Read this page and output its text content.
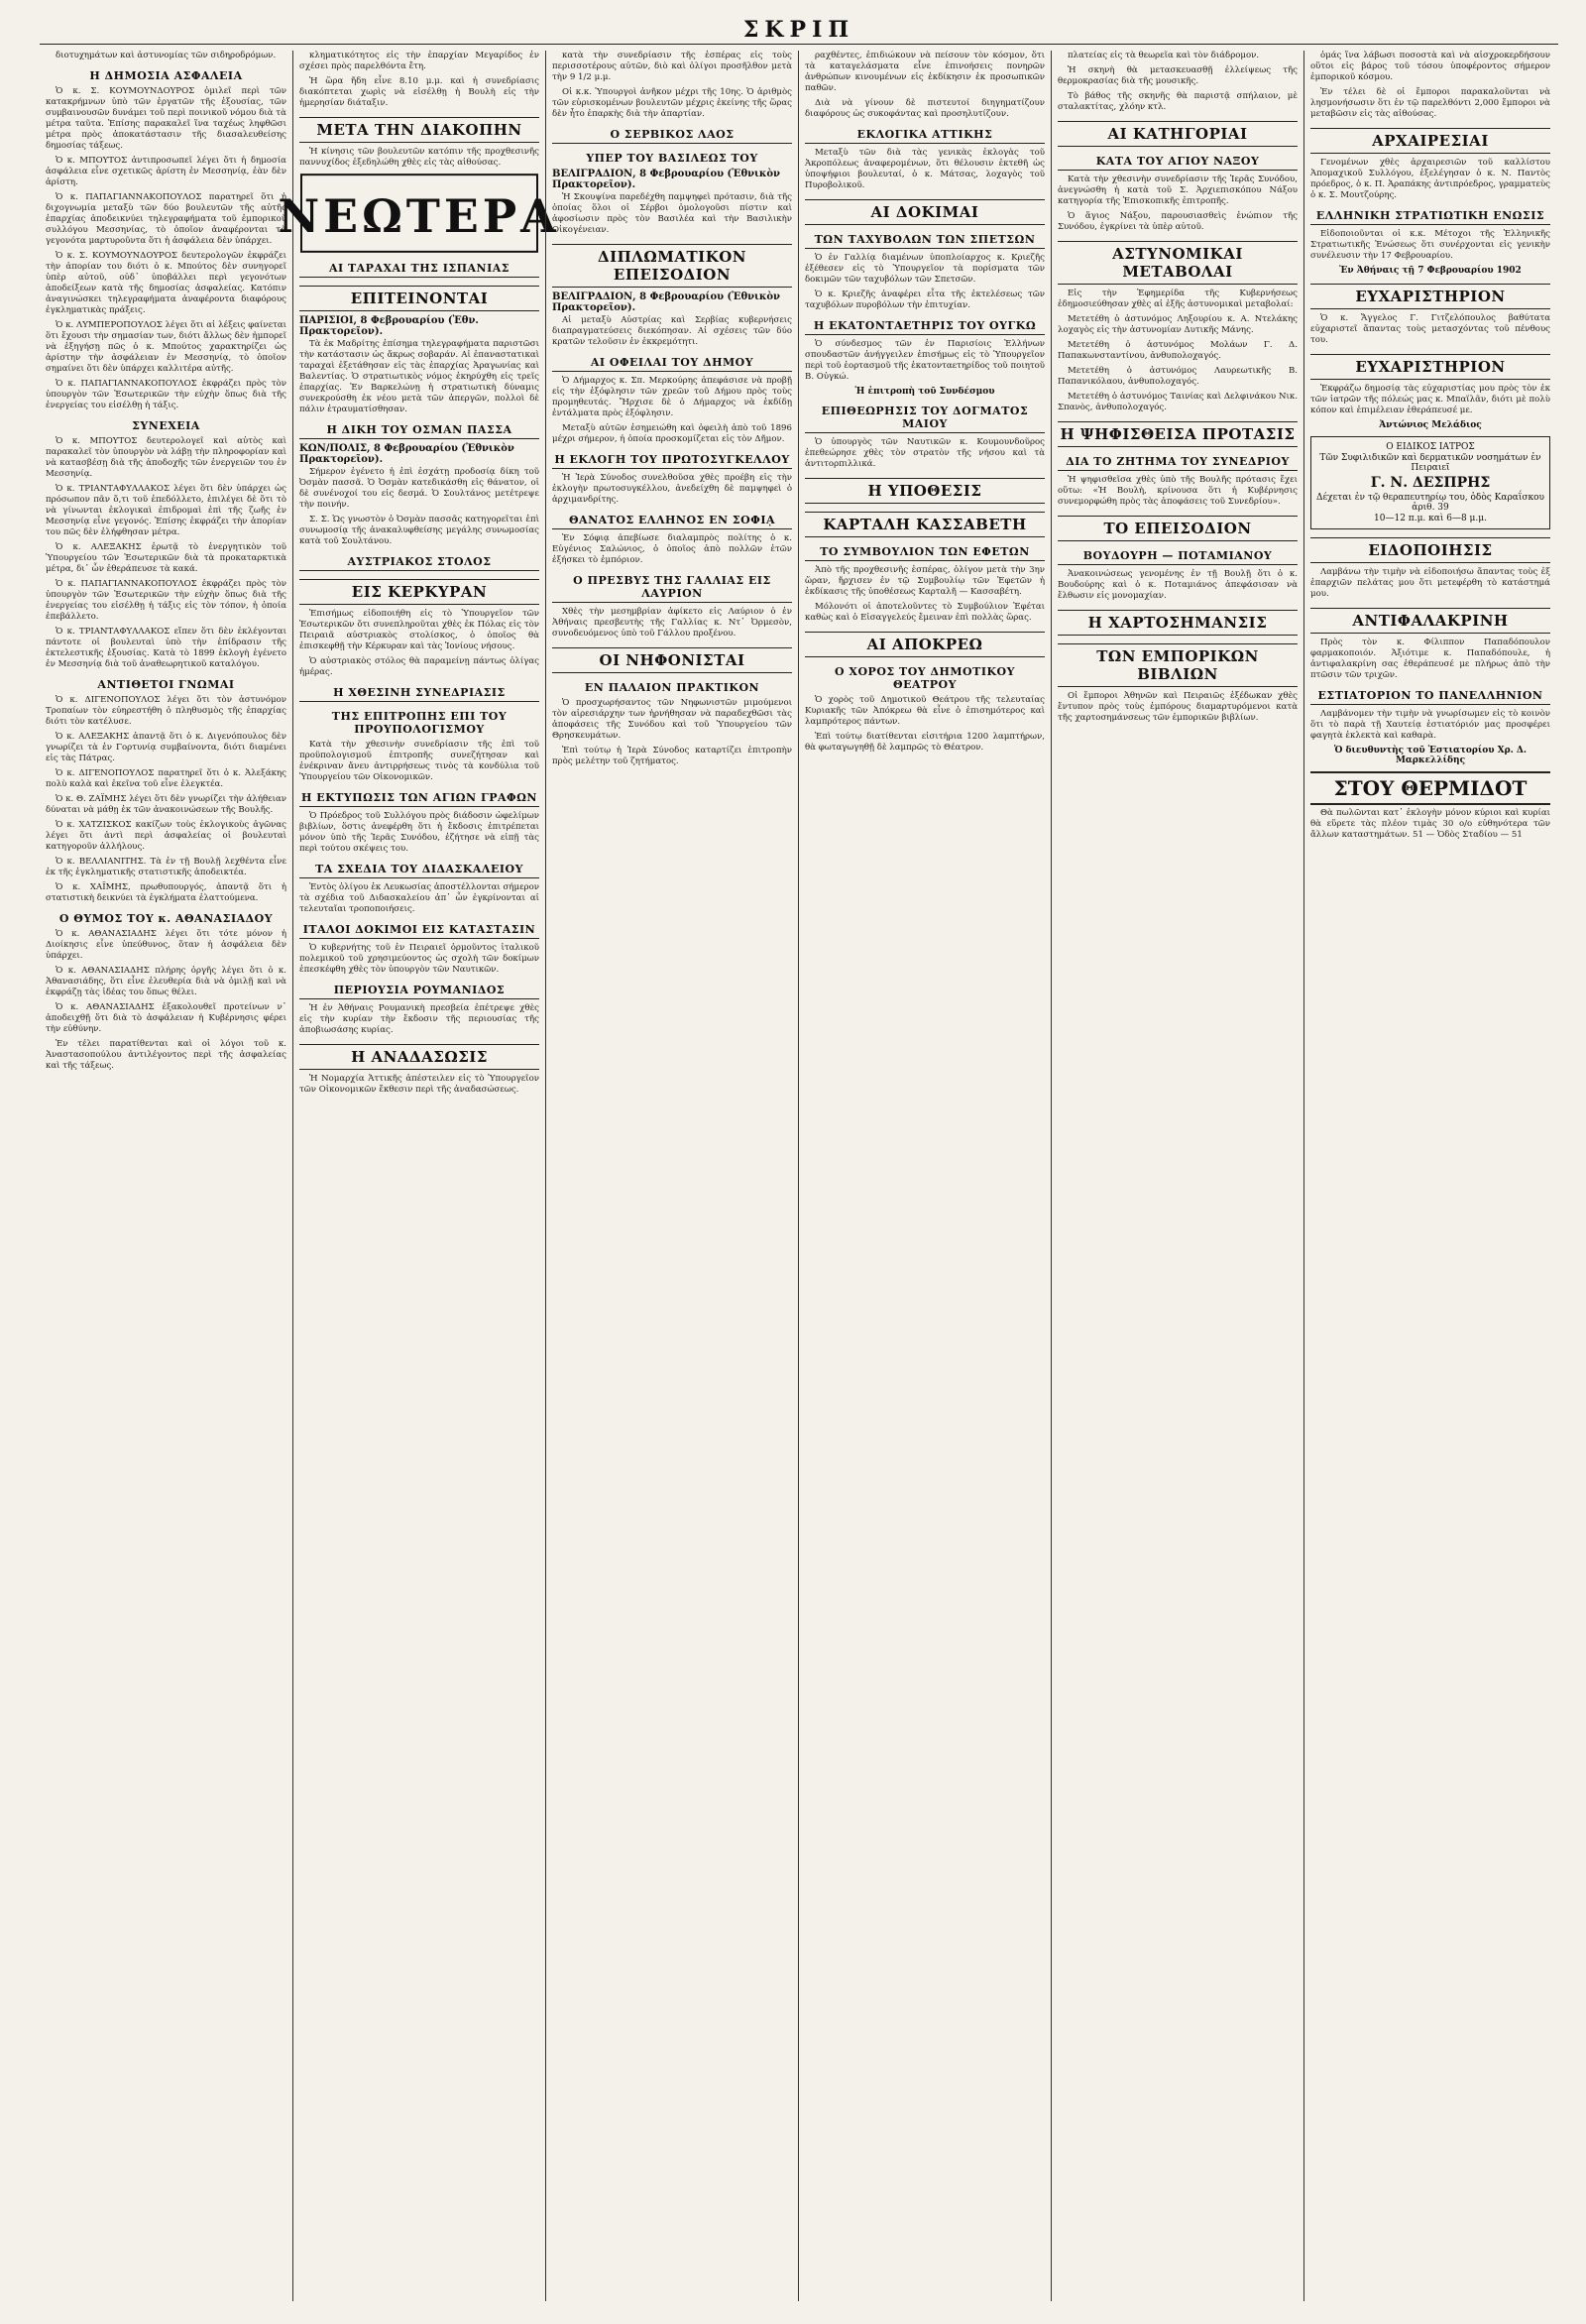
ΣΚΡΙΠ

διοτυχημάτων καὶ ἀστυνομίας τῶν σιδηροδρόμων.

Η ΔΗΜΟΣΙΑ ΑΣΦΑΛΕΙΑ

Ὁ κ. Σ. ΚΟΥΜΟΥΝΔΟΥΡΟΣ ὁμιλεῖ περὶ τῶν κατακρήμνων ὑπὸ τῶν ἐργατῶν τῆς ἑξουσίας, τῶν συμβαινουσῶν δυνάμει τοῦ περὶ ποινικοῦ νόμου διὰ τὰ μέτρα ταῦτα. Ἐπίσης παρακαλεῖ ἵνα ταχέως ληφθῶσι μέτρα πρὸς ἀποκατάστασιν τῆς διασαλευθείσης δημοσίας τάξεως.

Ὁ κ. ΜΠΟΥΤΟΣ ἀντιπροσωπεῖ λέγει ὅτι ἡ δημοσία ἀσφάλεια εἶνε σχετικῶς ἀρίστη ἐν Μεσσηνίᾳ, ἐὰν δὲν ἀρίστη.

Ὁ κ. ΠΑΠΑΓΙΑΝΝΑΚΟΠΟΥΛΟΣ παρατηρεῖ ὅτι ἡ διχογνωμία μεταξὺ τῶν δύο βουλευτῶν τῆς αὐτῆς ἐπαρχίας ἀποδεικνύει τηλεγραφήματα τοῦ ἐμπορικοῦ συλλόγου Μεσσηνίας, τὸ ὁποῖον ἀναφέρονται τὰ γεγονότα μαρτυροῦντα ὅτι ἡ ἀσφάλεια δὲν ὑπάρχει.

Ὁ κ. Σ. ΚΟΥΜΟΥΝΔΟΥΡΟΣ δευτερολογῶν ἐκφράζει τὴν ἀπορίαν του διότι ὁ κ. Μπούτος δὲν συνηγορεῖ ὑπὲρ αὐτοῦ, οὐδ᾽ ὑποβάλλει περὶ γεγονότων ἀποδείξεων κατὰ τῆς δημοσίας ἀσφαλείας. Κατόπιν ἀναγινώσκει τηλεγραφήματα ἀναφέροντα διαφόρους ἐγκληματικὰς πράξεις.

Ὁ κ. ΛΥΜΠΕΡΟΠΟΥΛΟΣ λέγει ὅτι αἱ λέξεις φαίνεται ὅτι ἔχουσι τὴν σημασίαν των, διότι ἄλλως δὲν ἠμπορεῖ νὰ ἐξηγήσῃ πῶς ὁ κ. Μπούτος χαρακτηρίζει ὡς ἀρίστην τὴν ἀσφάλειαν ἐν Μεσσηνίᾳ, τὸ ὁποῖον σημαίνει ὅτι δὲν ὑπάρχει καλλιτέρα αὐτῆς.

Ὁ κ. ΠΑΠΑΓΙΑΝΝΑΚΟΠΟΥΛΟΣ ἐκφράζει πρὸς τὸν ὑπουργὸν τῶν Ἐσωτερικῶν τὴν εὐχὴν ὅπως διὰ τῆς ἐνεργείας του εἰσέλθῃ ἡ τάξις.

ΣΥΝΕΧΕΙΑ

Ὁ κ. ΜΠΟΥΤΟΣ δευτερολογεῖ καὶ αὐτὸς καὶ παρακαλεῖ τὸν ὑπουργὸν νὰ λάβῃ τὴν πληροφορίαν καὶ νὰ κατασβέσῃ διὰ τῆς ἀποδοχῆς τῶν ἐνεργειῶν του ἐν Μεσσηνίᾳ.

Ὁ κ. ΤΡΙΑΝΤΑΦΥΛΛΑΚΟΣ λέγει ὅτι δὲν ὑπάρχει ὡς πρόσωπον πᾶν ὅ,τι τοῦ ἐπεδόλλετο, ἐπιλέγει δὲ ὅτι τὸ νὰ γίνωνται ἐκλογικαὶ ἐπιδρομαὶ ἐπὶ τῆς ζωῆς ἐν Μεσσηνίᾳ εἶνε γεγονός. Ἐπίσης ἐκφράζει τὴν ἀπορίαν του πῶς δὲν ἐλήφθησαν μέτρα.

Ὁ κ. ΑΛΕΞΑΚΗΣ ἐρωτᾷ τὸ ἐνεργητικὸν τοῦ Ὑπουργείου τῶν Ἐσωτερικῶν διὰ τὰ προκαταρκτικὰ μέτρα, δι᾽ ὧν ἐθεράπευσε τὰ κακά.

Ὁ κ. ΠΑΠΑΓΙΑΝΝΑΚΟΠΟΥΛΟΣ ἐκφράζει πρὸς τὸν ὑπουργὸν τῶν Ἐσωτερικῶν τὴν εὐχὴν ὅπως διὰ τῆς ἐνεργείας του εἰσέλθῃ ἡ τάξις εἰς τὸν τόπον, ἡ ὁποία ἐπεβάλλετο.

Ὁ κ. ΤΡΙΑΝΤΑΦΥΛΛΑΚΟΣ εἴπεν ὅτι δὲν ἐκλέγονται πάντοτε οἱ βουλευταὶ ὑπὸ τὴν ἐπίδρασιν τῆς ἐκτελεστικῆς ἐξουσίας. Κατὰ τὸ 1899 ἐκλογὴ ἐγένετο ἐν Μεσσηνίᾳ διὰ τοῦ ἀναθεωρητικοῦ καταλόγου.

ΑΝΤΙΘΕΤΟΙ ΓΝΩΜΑΙ

Ὁ κ. ΔΙΓΕΝΟΠΟΥΛΟΣ λέγει ὅτι τὸν ἀστυνόμον Τροπαίων τὸν εὐηρεστήθη ὁ πληθυσμὸς τῆς ἐπαρχίας διότι τὸν κατέλυσε.

Ὁ κ. ΑΛΕΞΑΚΗΣ ἀπαντᾷ ὅτι ὁ κ. Διγενόπουλος δὲν γνωρίζει τὰ ἐν Γορτυνίᾳ συμβαίνοντα, διότι διαμένει εἰς τὰς Πάτρας.

Ὁ κ. ΔΙΓΕΝΟΠΟΥΛΟΣ παρατηρεῖ ὅτι ὁ κ. Ἀλεξάκης πολὺ καλὰ καὶ ἐκεῖνα τοῦ εἶνε ἐλεγκτέα.

Ὁ κ. Θ. ΖΑΪΜΗΣ λέγει ὅτι δὲν γνωρίζει τὴν ἀλήθειαν δύναται νὰ μάθῃ ἐκ τῶν ἀνακοινώσεων τῆς Βουλῆς.

Ὁ κ. ΧΑΤΖΙΣΚΟΣ κακίζων τοὺς ἐκλογικοὺς ἀγῶνας λέγει ὅτι ἀντὶ περὶ ἀσφαλείας οἱ βουλευταὶ κατηγοροῦν ἀλλήλους.

Ὁ κ. ΒΕΛΛΙΑΝΙΤΗΣ. Τὰ ἐν τῇ Βουλῇ λεχθέντα εἶνε ἐκ τῆς ἐγκληματικῆς στατιστικῆς ἀποδεικτέα.

Ὁ κ. ΧΑΪΜΗΣ, πρωθυπουργός, ἀπαντᾷ ὅτι ἡ στατιστικὴ δεικνύει τὰ ἐγκλήματα ἐλαττούμενα.

Ο ΘΥΜΟΣ ΤΟΥ κ. ΑΘΑΝΑΣΙΑΔΟΥ

Ὁ κ. ΑΘΑΝΑΣΙΑΔΗΣ λέγει ὅτι τότε μόνον ἡ Διοίκησις εἶνε ὑπεύθυνος, ὅταν ἡ ἀσφάλεια δὲν ὑπάρχει.

Ὁ κ. ΑΘΑΝΑΣΙΑΔΗΣ πλήρης ὀργῆς λέγει ὅτι ὁ κ. Ἀθανασιάδης, ὅτι εἶνε ἐλευθερία διὰ νὰ ὁμιλῇ καὶ νὰ ἐκφράζῃ τὰς ἰδέας του ὅπως θέλει.

Ὁ κ. ΑΘΑΝΑΣΙΑΔΗΣ ἐξακολουθεῖ προτείνων ν᾽ ἀποδειχθῇ ὅτι διὰ τὸ ἀσφάλειαν ἡ Κυβέρνησις φέρει τὴν εὐθύνην.

Ἐν τέλει παρατίθενται καὶ οἱ λόγοι τοῦ κ. Ἀναστασοπούλου ἀντιλέγοντος περὶ τῆς ἀσφαλείας καὶ τῆς τάξεως.

κληματικότητος εἰς τὴν ἐπαρχίαν Μεγαρίδος ἐν σχέσει πρὸς παρελθόντα ἔτη.

Ἡ ὥρα ἤδη εἶνε 8.10 μ.μ. καὶ ἡ συνεδρίασις διακόπτεται χωρὶς νὰ εἰσέλθῃ ἡ Βουλὴ εἰς τὴν ἡμερησίαν διάταξιν.

ΜΕΤΑ ΤΗΝ ΔΙΑΚΟΠΗΝ

Ἡ κίνησις τῶν βουλευτῶν κατόπιν τῆς προχθεσινῆς παννυχίδος ἐξεδηλώθη χθὲς εἰς τὰς αἰθούσας.

ΝΕΩΤΕΡΑ
ΑΙ ΤΑΡΑΧΑΙ ΤΗΣ ΙΣΠΑΝΙΑΣ
ΕΠΙΤΕΙΝΟΝΤΑΙ
ΠΑΡΙΣΙΟΙ, 8 Φεβρουαρίου (Ἐθν. Πρακτορεῖον).

Τὰ ἐκ Μαδρίτης ἐπίσημα τηλεγραφήματα παριστῶσι τὴν κατάστασιν ὡς ἄκρως σοβαράν. Αἱ ἐπαναστατικαὶ ταραχαὶ ἐξετάθησαν εἰς τὰς ἐπαρχίας Ἀραγωνίας καὶ Βαλεντίας. Ὁ στρατιωτικὸς νόμος ἐκηρύχθη εἰς τρεῖς ἐπαρχίας. Ἐν Βαρκελώνῃ ἡ στρατιωτικὴ δύναμις συνεκρούσθη ἐκ νέου μετὰ τῶν ἀπεργῶν, πολλοὶ δὲ πάλιν ἐτραυματίσθησαν.

Η ΔΙΚΗ ΤΟΥ ΟΣΜΑΝ ΠΑΣΣΑ
ΚΩΝ/ΠΟΛΙΣ, 8 Φεβρουαρίου (Ἐθνικὸν Πρακτορεῖον).

Σήμερον ἐγένετο ἡ ἐπὶ ἐσχάτῃ προδοσίᾳ δίκη τοῦ Ὀσμὰν πασσᾶ. Ὁ Ὀσμὰν κατεδικάσθη εἰς θάνατον, οἱ δὲ συνένοχοί του εἰς δεσμά. Ὁ Σουλτάνος μετέτρεψε τὴν ποινήν.

Σ. Σ. Ὡς γνωστὸν ὁ Ὀσμὰν πασσᾶς κατηγορεῖται ἐπὶ συνωμοσίᾳ τῆς ἀνακαλυφθείσης μεγάλης συνωμοσίας κατὰ τοῦ Σουλτάνου.

ΑΥΣΤΡΙΑΚΟΣ ΣΤΟΛΟΣ
ΕΙΣ ΚΕΡΚΥΡΑΝ

Ἐπισήμως εἰδοποιήθη εἰς τὸ Ὑπουργεῖον τῶν Ἐσωτερικῶν ὅτι συνεπληροῦται χθὲς ἐκ Πόλας εἰς τὸν Πειραιᾶ αὐστριακὸς στολίσκος, ὁ ὁποῖος θὰ ἐπισκεφθῇ τὴν Κέρκυραν καὶ τὰς Ἰονίους νήσους.

Ὁ αὐστριακὸς στόλος θὰ παραμείνῃ πάντως ὀλίγας ἡμέρας.

Η ΧΘΕΣΙΝΗ ΣΥΝΕΔΡΙΑΣΙΣ
ΤΗΣ ΕΠΙΤΡΟΠΗΣ ΕΠΙ ΤΟΥ ΠΡΟΥΠΟΛΟΓΙΣΜΟΥ

Κατὰ τὴν χθεσινὴν συνεδρίασιν τῆς ἐπὶ τοῦ προϋπολογισμοῦ ἐπιτροπῆς συνεζήτησαν καὶ ἐνέκριναν ἄνευ ἀντιρρήσεως τινὸς τὰ κονδύλια τοῦ Ὑπουργείου τῶν Οἰκονομικῶν.

Η ΕΚΤΥΠΩΣΙΣ ΤΩΝ ΑΓΙΩΝ ΓΡΑΦΩΝ

Ὁ Πρόεδρος τοῦ Συλλόγου πρὸς διάδοσιν ὠφελίμων βιβλίων, ὅστις ἀνεφέρθη ὅτι ἡ ἔκδοσις ἐπιτρέπεται μόνον ὑπὸ τῆς Ἱερᾶς Συνόδου, ἐζήτησε νὰ εἰπῇ τὰς περὶ τούτου σκέψεις του.

ΤΑ ΣΧΕΔΙΑ ΤΟΥ ΔΙΔΑΣΚΑΛΕΙΟΥ

Ἐντὸς ὀλίγου ἐκ Λευκωσίας ἀποστέλλονται σήμερον τὰ σχέδια τοῦ Διδασκαλείου ἀπ᾽ ὧν ἐγκρίνονται αἱ τελευταῖαι τροποποιήσεις.

ΙΤΑΛΟΙ ΔΟΚΙΜΟΙ ΕΙΣ ΚΑΤΑΣΤΑΣΙΝ

Ὁ κυβερνήτης τοῦ ἐν Πειραιεῖ ὁρμοῦντος ἰταλικοῦ πολεμικοῦ τοῦ χρησιμεύοντος ὡς σχολὴ τῶν δοκίμων ἐπεσκέφθη χθὲς τὸν ὑπουργὸν τῶν Ναυτικῶν.

ΠΕΡΙΟΥΣΙΑ ΡΟΥΜΑΝΙΔΟΣ

Ἡ ἐν Ἀθήναις Ρουμανικὴ πρεσβεία ἐπέτρεψε χθὲς εἰς τὴν κυρίαν τὴν ἔκδοσιν τῆς περιουσίας τῆς ἀποβιωσάσης κυρίας.

Η ΑΝΑΔΑΣΩΣΙΣ

Ἡ Νομαρχία Ἀττικῆς ἀπέστειλεν εἰς τὸ Ὑπουργεῖον τῶν Οἰκονομικῶν ἔκθεσιν περὶ τῆς ἀναδασώσεως.

κατὰ τὴν συνεδρίασιν τῆς ἑσπέρας εἰς τοὺς περισσοτέρους αὐτῶν, διὸ καὶ ὀλίγοι προσῆλθον μετὰ τὴν 9 1/2 μ.μ.

Οἱ κ.κ. Ὑπουργοὶ ἀνῆκον μέχρι τῆς 10ης. Ὁ ἀριθμὸς τῶν εὑρισκομένων βουλευτῶν μέχρις ἐκείνης τῆς ὥρας δὲν ἦτο ἐπαρκὴς διὰ τὴν ἀπαρτίαν.

Ο ΣΕΡΒΙΚΟΣ ΛΑΟΣ
ΥΠΕΡ ΤΟΥ ΒΑΣΙΛΕΩΣ ΤΟΥ
ΒΕΛΙΓΡΑΔΙΟΝ, 8 Φεβρουαρίου (Ἐθνικὸν Πρακτορεῖον).

Ἡ Σκουψίνα παρεδέχθη παμψηφεὶ πρότασιν, διὰ τῆς ὁποίας ὅλοι οἱ Σέρβοι ὁμολογοῦσι πίστιν καὶ ἀφοσίωσιν πρὸς τὸν Βασιλέα καὶ τὴν Βασιλικὴν Οἰκογένειαν.

ΔΙΠΛΩΜΑΤΙΚΟΝ ΕΠΕΙΣΟΔΙΟΝ
ΒΕΛΙΓΡΑΔΙΟΝ, 8 Φεβρουαρίου (Ἐθνικὸν Πρακτορεῖον).

Αἱ μεταξὺ Αὐστρίας καὶ Σερβίας κυβερνήσεις διαπραγματεύσεις διεκόπησαν. Αἱ σχέσεις τῶν δύο κρατῶν τελοῦσιν ἐν ἐκκρεμότητι.

ΑΙ ΟΦΕΙΛΑΙ ΤΟΥ ΔΗΜΟΥ

Ὁ Δήμαρχος κ. Σπ. Μερκούρης ἀπεφάσισε νὰ προβῇ εἰς τὴν ἐξόφλησιν τῶν χρεῶν τοῦ Δήμου πρὸς τοὺς προμηθευτάς. Ἤρχισε δὲ ὁ Δήμαρχος νὰ ἐκδίδῃ ἐντάλματα πρὸς ἐξόφλησιν.

Μεταξὺ αὐτῶν ἐσημειώθη καὶ ὀφειλὴ ἀπὸ τοῦ 1896 μέχρι σήμερον, ἡ ὁποία προσκομίζεται εἰς τὸν Δῆμον.

Η ΕΚΛΟΓΗ ΤΟΥ ΠΡΩΤΟΣΥΓΚΕΛΛΟΥ

Ἡ Ἱερὰ Σύνοδος συνελθοῦσα χθὲς προέβη εἰς τὴν ἐκλογὴν πρωτοσυγκέλλου, ἀνεδείχθη δὲ παμψηφεὶ ὁ ἀρχιμανδρίτης.

ΘΑΝΑΤΟΣ ΕΛΛΗΝΟΣ ΕΝ ΣΟΦΙᾼ

Ἐν Σόφιᾳ ἀπεβίωσε διαλαμπρὸς πολίτης ὁ κ. Εὐγένιος Σαλώνιος, ὁ ὁποῖος ἀπὸ πολλῶν ἐτῶν ἐξήσκει τὸ ἐμπόριον.

Ο ΠΡΕΣΒΥΣ ΤΗΣ ΓΑΛΛΙΑΣ ΕΙΣ ΛΑΥΡΙΟΝ

Χθὲς τὴν μεσημβρίαν ἀφίκετο εἰς Λαύριον ὁ ἐν Ἀθήναις πρεσβευτὴς τῆς Γαλλίας κ. Ντ᾽ Ὀρμεσὸν, συνοδευόμενος ὑπὸ τοῦ Γάλλου προξένου.

ΟΙ ΝΗΦΟΝΙΣΤΑΙ
ΕΝ ΠΑΛΑΙΟΝ ΠΡΑΚΤΙΚΟΝ

Ὁ προσχωρήσαντος τῶν Νηφωνιστῶν μιμούμενοι τὸν αἰρεσιάρχην των ἠρνήθησαν νὰ παραδεχθῶσι τὰς ἀποφάσεις τῆς Συνόδου καὶ τοῦ Ὑπουργείου τῶν Θρησκευμάτων.

Ἐπὶ τούτῳ ἡ Ἱερὰ Σύνοδος καταρτίζει ἐπιτροπὴν πρὸς μελέτην τοῦ ζητήματος.

ραχθέντες, ἐπιδιώκουν νὰ πείσουν τὸν κόσμον, ὅτι τὰ καταγελάσματα εἶνε ἐπινοήσεις πονηρῶν ἀνθρώπων κινουμένων εἰς ἐκδίκησιν ἐκ προσωπικῶν παθῶν.

Διὰ νὰ γίνουν δὲ πιστευτοί διηγηματίζουν διαφόρους ὡς συκοφάντας καὶ προσηλυτίζουν.

ΕΚΛΟΓΙΚΑ ΑΤΤΙΚΗΣ

Μεταξὺ τῶν διὰ τὰς γενικὰς ἐκλογὰς τοῦ Ἀκροπόλεως ἀναφερομένων, ὅτι θέλουσιν ἐκτεθῆ ὡς ὑποψήφιοι βουλευταί, ὁ κ. Μάτσας, λοχαγὸς τοῦ Πυροβολικοῦ.

ΑΙ ΔΟΚΙΜΑΙ
ΤΩΝ ΤΑΧΥΒΟΛΩΝ ΤΩΝ ΣΠΕΤΣΩΝ

Ὁ ἐν Γαλλίᾳ διαμένων ὑποπλοίαρχος κ. Κριεζῆς ἐξέθεσεν εἰς τὸ Ὑπουργεῖον τὰ πορίσματα τῶν δοκιμῶν τῶν ταχυβόλων τῶν Σπετσῶν.

Ὁ κ. Κριεζῆς ἀναφέρει εἶτα τῆς ἐκτελέσεως τῶν ταχυβόλων πυροβόλων τὴν ἐπιτυχίαν.

Η ΕΚΑΤΟΝΤΑΕΤΗΡΙΣ ΤΟΥ ΟΥΓΚΩ

Ὁ σύνδεσμος τῶν ἐν Παρισίοις Ἑλλήνων σπουδαστῶν ἀνήγγειλεν ἐπισήμως εἰς τὸ Ὑπουργεῖον περὶ τοῦ ἑορτασμοῦ τῆς ἑκατονταετηρίδος τοῦ ποιητοῦ Β. Οὐγκώ.

Ἡ ἐπιτροπὴ τοῦ Συνδέσμου
ΕΠΙΘΕΩΡΗΣΙΣ ΤΟΥ ΔΟΓΜΑΤΟΣ ΜΑΙΟΥ

Ὁ ὑπουργὸς τῶν Ναυτικῶν κ. Κουμουνδοῦρος ἐπεθεώρησε χθὲς τὸν στρατὸν τῆς νήσου καὶ τὰ ἀντιτορπιλλικά.

Η ΥΠΟΘΕΣΙΣ
ΚΑΡΤΑΛΗ ΚΑΣΣΑΒΕΤΗ
ΤΟ ΣΥΜΒΟΥΛΙΟΝ ΤΩΝ ΕΦΕΤΩΝ

Ἀπὸ τῆς προχθεσινῆς ἑσπέρας, ὀλίγον μετὰ τὴν 3ην ὥραν, ἤρχισεν ἐν τῷ Συμβουλίῳ τῶν Ἐφετῶν ἡ ἐκδίκασις τῆς ὑποθέσεως Καρταλῆ — Κασσαβέτη.

Μόλονότι οἱ ἀποτελοῦντες τὸ Συμβούλιον Ἐφέται καθὼς καὶ ὁ Εἰσαγγελεύς ἔμειναν ἐπὶ πολλὰς ὥρας.

ΑΙ ΑΠΟΚΡΕΩ
Ο ΧΟΡΟΣ ΤΟΥ ΔΗΜΟΤΙΚΟΥ ΘΕΑΤΡΟΥ

Ὁ χορὸς τοῦ Δημοτικοῦ Θεάτρου τῆς τελευταίας Κυριακῆς τῶν Ἀπόκρεω θὰ εἶνε ὁ ἐπισημότερος καὶ λαμπρότερος πάντων.

Ἐπὶ τούτῳ διατίθενται εἰσιτήρια 1200 λαμπτήρων, θὰ φωταγωγηθῇ δὲ λαμπρῶς τὸ Θέατρον.

πλατείας εἰς τὰ θεωρεῖα καὶ τὸν διάδρομον.

Ἡ σκηνὴ θὰ μετασκευασθῇ ἐλλείψεως τῆς θερμοκρασίας διὰ τῆς μουσικῆς.

Τὸ βάθος τῆς σκηνῆς θὰ παριστᾷ σπήλαιον, μὲ σταλακτίτας, χλόην κτλ.

ΑΙ ΚΑΤΗΓΟΡΙΑΙ
ΚΑΤΑ ΤΟΥ ΑΓΙΟΥ ΝΑΞΟΥ

Κατὰ τὴν χθεσινὴν συνεδρίασιν τῆς Ἱερᾶς Συνόδου, ἀνεγνώσθη ἡ κατὰ τοῦ Σ. Ἀρχιεπισκόπου Νάξου κατηγορία τῆς Ἐπισκοπικῆς ἐπιτροπῆς.

Ὁ ἅγιος Νάξου, παρουσιασθεὶς ἐνώπιον τῆς Συνόδου, ἐγκρίνει τὰ ὑπὲρ αὐτοῦ.

ΑΣΤΥΝΟΜΙΚΑΙ ΜΕΤΑΒΟΛΑΙ

Εἰς τὴν Ἐφημερίδα τῆς Κυβερνήσεως ἐδημοσιεύθησαν χθὲς αἱ ἑξῆς ἀστυνομικαὶ μεταβολαί:

Μετετέθη ὁ ἀστυνόμος Ληξουρίου κ. Α. Ντελάκης λοχαγὸς εἰς τὴν ἀστυνομίαν Δυτικῆς Μάνης.

Μετετέθη ὁ ἀστυνόμος Μολάων Γ. Δ. Παπακωνσταντίνου, ἀνθυπολοχαγός.

Μετετέθη ὁ ἀστυνόμος Λαυρεωτικῆς Β. Παπανικόλαου, ἀνθυπολοχαγός.

Μετετέθη ὁ ἀστυνόμος Ταινίας καὶ Δελφινάκου Νικ. Σπανὸς, ἀνθυπολοχαγός.

Η ΨΗΦΙΣΘΕΙΣΑ ΠΡΟΤΑΣΙΣ
ΔΙΑ ΤΟ ΖΗΤΗΜΑ ΤΟΥ ΣΥΝΕΔΡΙΟΥ

Ἡ ψηφισθεῖσα χθὲς ὑπὸ τῆς Βουλῆς πρότασις ἔχει οὕτω: «Ἡ Βουλὴ, κρίνουσα ὅτι ἡ Κυβέρνησις συνεμορφώθη πρὸς τὰς ἀποφάσεις τοῦ Συνεδρίου».

ΤΟ ΕΠΕΙΣΟΔΙΟΝ
ΒΟΥΔΟΥΡΗ — ΠΟΤΑΜΙΑΝΟΥ

Ἀνακοινώσεως γενομένης ἐν τῇ Βουλῇ ὅτι ὁ κ. Βουδούρης καὶ ὁ κ. Ποταμιάνος ἀπεφάσισαν νὰ ἔλθωσιν εἰς μονομαχίαν.

Η ΧΑΡΤΟΣΗΜΑΝΣΙΣ
ΤΩΝ ΕΜΠΟΡΙΚΩΝ ΒΙΒΛΙΩΝ

Οἱ ἔμποροι Ἀθηνῶν καὶ Πειραιῶς ἐξέδωκαν χθὲς ἔντυπον πρὸς τοὺς ἐμπόρους διαμαρτυρόμενοι κατὰ τῆς χαρτοσημάνσεως τῶν ἐμπορικῶν βιβλίων.

ὁμάς ἵνα λάβωσι ποσοστὰ καὶ νὰ αἰσχροκερδήσουν οὕτοι εἰς βάρος τοῦ τόσου ὑποφέροντος σήμερον ἐμπορικοῦ κόσμου.

Ἐν τέλει δὲ οἱ ἔμποροι παρακαλοῦνται νὰ λησμονήσωσιν ὅτι ἐν τῷ παρελθόντι 2,000 ἔμποροι νὰ μεταβῶσιν εἰς τὰς αἰθούσας.

ΑΡΧΑΙΡΕΣΙΑΙ

Γενομένων χθὲς ἀρχαιρεσιῶν τοῦ καλλίστου Ἀπομαχικοῦ Συλλόγου, ἐξελέγησαν ὁ κ. Ν. Παντὸς πρόεδρος, ὁ κ. Π. Ἀραπάκης ἀντιπρόεδρος, γραμματεὺς ὁ κ. Σ. Μουτζούρης.

ΕΛΛΗΝΙΚΗ ΣΤΡΑΤΙΩΤΙΚΗ ΕΝΩΣΙΣ

Εἰδοποιοῦνται οἱ κ.κ. Μέτοχοι τῆς Ἑλληνικῆς Στρατιωτικῆς Ἑνώσεως ὅτι συνέρχονται εἰς γενικὴν συνέλευσιν τὴν 17 Φεβρουαρίου.

Ἐν Ἀθήναις τῇ 7 Φεβρουαρίου 1902
ΕΥΧΑΡΙΣΤΗΡΙΟΝ

Ὁ κ. Ἄγγελος Γ. Γιτζελόπουλος βαθύτατα εὐχαριστεῖ ἅπαντας τοὺς μετασχόντας τοῦ πένθους του.

ΕΥΧΑΡΙΣΤΗΡΙΟΝ

Ἐκφράζω δημοσίᾳ τὰς εὐχαριστίας μου πρὸς τὸν ἐκ τῶν ἰατρῶν τῆς πόλεώς μας κ. Μπαϊλᾶν, διότι μὲ πολὺ κόπον καὶ ἐπιμέλειαν ἐθεράπευσέ με.

Ἀντώνιος Μελάδιος
Ο ΕΙΔΙΚΟΣ ΙΑΤΡΟΣ
Τῶν Συφιλιδικῶν καὶ δερματικῶν νοσημάτων ἐν Πειραιεῖ
Γ. Ν. ΔΕΣΠΡΗΣ
Δέχεται ἐν τῷ θεραπευτηρίῳ του, ὁδὸς Καραΐσκου ἀριθ. 39
10—12 π.μ. καὶ 6—8 μ.μ.
ΕΙΔΟΠΟΙΗΣΙΣ

Λαμβάνω τὴν τιμὴν νὰ εἰδοποιήσω ἅπαντας τοὺς ἐξ ἐπαρχιῶν πελάτας μου ὅτι μετεφέρθη τὸ κατάστημά μου.

ΑΝΤΙΦΑΛΑΚΡΙΝΗ

Πρὸς τὸν κ. Φίλιππον Παπαδόπουλον φαρμακοποιόν. Ἀξιότιμε κ. Παπαδόπουλε, ἡ ἀντιφαλακρίνη σας ἐθεράπευσέ με πλήρως ἀπὸ τὴν πτῶσιν τῶν τριχῶν.

ΕΣΤΙΑΤΟΡΙΟΝ ΤΟ ΠΑΝΕΛΛΗΝΙΟΝ

Λαμβάνομεν τὴν τιμὴν νὰ γνωρίσωμεν εἰς τὸ κοινὸν ὅτι τὸ παρὰ τῇ Χαυτείᾳ ἑστιατόριόν μας προσφέρει φαγητὰ ἐκλεκτὰ καὶ καθαρὰ.

Ὁ διευθυντὴς τοῦ Ἑστιατορίου Χρ. Δ. Μαρκελλίδης
ΣΤΟΥ ΘΕΡΜΙΔΟΤ

Θὰ πωλῶνται κατ᾽ ἐκλογὴν μόνον κύριοι καὶ κυρίαι θὰ εὕρετε τὰς πλέον τιμὰς 30 ο/ο εὐθηνότερα τῶν ἄλλων καταστημάτων. 51 — Ὁδὸς Σταδίου — 51
